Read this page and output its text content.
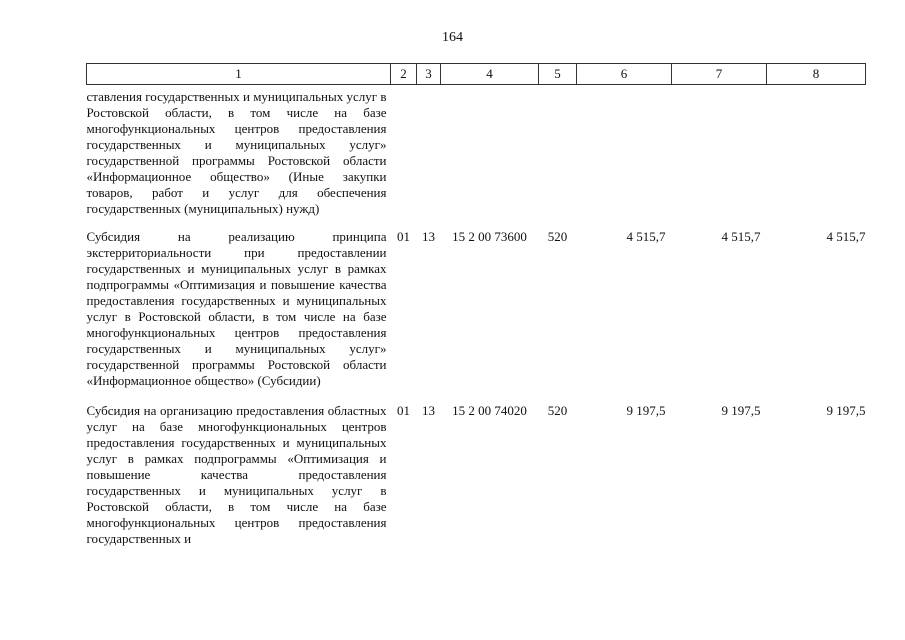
164
1	2	3	4	5	6	7	8
ставления государственных и муниципальных услуг в Ростовской области, в том числе на базе многофункциональных центров предоставления государственных и муниципальных услуг» государственной программы Ростовской области «Информационное общество» (Иные закупки товаров, работ и услуг для обеспечения государственных (муниципальных) нужд)							
Субсидия на реализацию принципа экстерриториальности при предоставлении государственных и муниципальных услуг в рамках подпрограммы «Оптимизация и повышение качества предоставления государственных и муниципальных услуг в Ростовской области, в том числе на базе многофункциональных центров предоставления государственных и муниципальных услуг» государственной программы Ростовской области «Информационное общество» (Субсидии)	01	13	15 2 00 73600	520	4 515,7	4 515,7	4 515,7
Субсидия на организацию предоставления областных услуг на базе многофункциональных центров предоставления государственных и муниципальных услуг в рамках подпрограммы «Оптимизация и повышение качества предоставления государственных и муниципальных услуг в Ростовской области, в том числе на базе многофункциональных центров предоставления государственных и	01	13	15 2 00 74020	520	9 197,5	9 197,5	9 197,5
